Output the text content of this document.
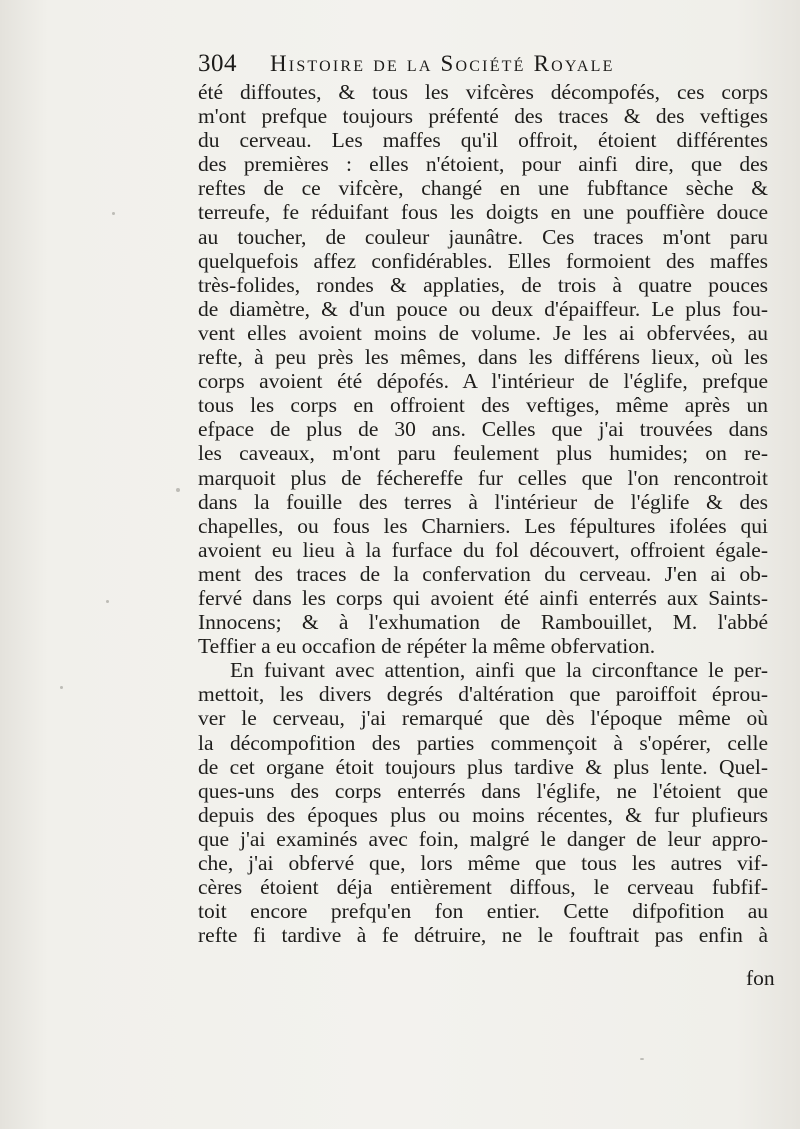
304 Histoire de la Société Royale
été diffoutes, & tous les vifcères décompofés, ces corps
m'ont prefque toujours préfenté des traces & des veftiges
du cerveau. Les maffes qu'il offroit, étoient différentes
des premières : elles n'étoient, pour ainfi dire, que des
reftes de ce vifcère, changé en une fubftance sèche &
terreufe, fe réduifant fous les doigts en une pouffière douce
au toucher, de couleur jaunâtre. Ces traces m'ont paru
quelquefois affez confidérables. Elles formoient des maffes
très-folides, rondes & applaties, de trois à quatre pouces
de diamètre, & d'un pouce ou deux d'épaiffeur. Le plus fou-
vent elles avoient moins de volume. Je les ai obfervées, au
refte, à peu près les mêmes, dans les différens lieux, où les
corps avoient été dépofés. A l'intérieur de l'églife, prefque
tous les corps en offroient des veftiges, même après un
efpace de plus de 30 ans. Celles que j'ai trouvées dans
les caveaux, m'ont paru feulement plus humides; on re-
marquoit plus de féchereffe fur celles que l'on rencontroit
dans la fouille des terres à l'intérieur de l'églife & des
chapelles, ou fous les Charniers. Les fépultures ifolées qui
avoient eu lieu à la furface du fol découvert, offroient égale-
ment des traces de la confervation du cerveau. J'en ai ob-
fervé dans les corps qui avoient été ainfi enterrés aux Saints-
Innocens; & à l'exhumation de Rambouillet, M. l'abbé
Teffier a eu occafion de répéter la même obfervation.
En fuivant avec attention, ainfi que la circonftance le per-
mettoit, les divers degrés d'altération que paroiffoit éprou-
ver le cerveau, j'ai remarqué que dès l'époque même où
la décompofition des parties commençoit à s'opérer, celle
de cet organe étoit toujours plus tardive & plus lente. Quel-
ques-uns des corps enterrés dans l'églife, ne l'étoient que
depuis des époques plus ou moins récentes, & fur plufieurs
que j'ai examinés avec foin, malgré le danger de leur appro-
che, j'ai obfervé que, lors même que tous les autres vif-
cères étoient déja entièrement diffous, le cerveau fubfif-
toit encore prefqu'en fon entier. Cette difpofition au
refte fi tardive à fe détruire, ne le fouftrait pas enfin à
fon
